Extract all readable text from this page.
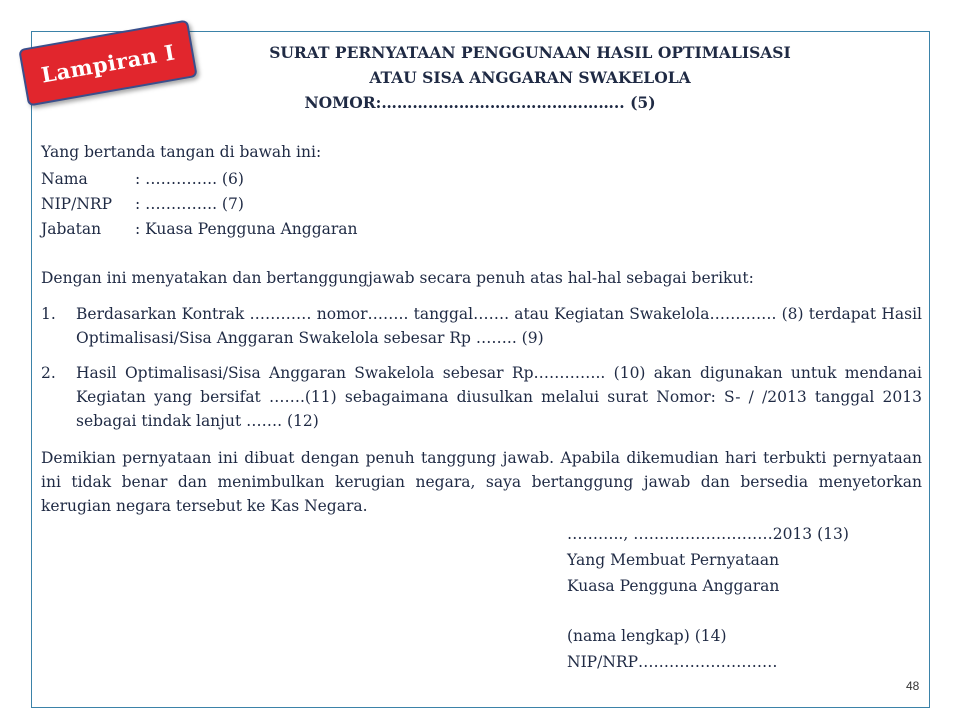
Lampiran I	SURAT PERNYATAAN PENGGUNAAN HASIL OPTIMALISASI
ATAU SISA ANGGARAN SWAKELOLA
NOMOR:……………………………………….. (5)
Yang bertanda tangan di bawah ini:
Nama	: ………….. (6)
NIP/NRP : ………….. (7)
Jabatan : Kuasa Pengguna Anggaran
Dengan ini menyatakan dan bertanggungjawab secara penuh atas hal-hal sebagai berikut:
1. Berdasarkan Kontrak ………… nomor…….. tanggal……. atau Kegiatan Swakelola…………. (8) terdapat Hasil Optimalisasi/Sisa Anggaran Swakelola sebesar Rp …….. (9)
2. Hasil Optimalisasi/Sisa Anggaran Swakelola sebesar Rp………….. (10) akan digunakan untuk mendanai Kegiatan yang bersifat …….(11) sebagaimana diusulkan melalui surat Nomor: S- / /2013 tanggal 2013 sebagai tindak lanjut ……. (12)
Demikian pernyataan ini dibuat dengan penuh tanggung jawab. Apabila dikemudian hari terbukti pernyataan ini tidak benar dan menimbulkan kerugian negara, saya bertanggung jawab dan bersedia menyetorkan kerugian negara tersebut ke Kas Negara.
……….., ………………………2013 (13)
Yang Membuat Pernyataan
Kuasa Pengguna Anggaran
(nama lengkap) (14)
NIP/NRP………………………
48
